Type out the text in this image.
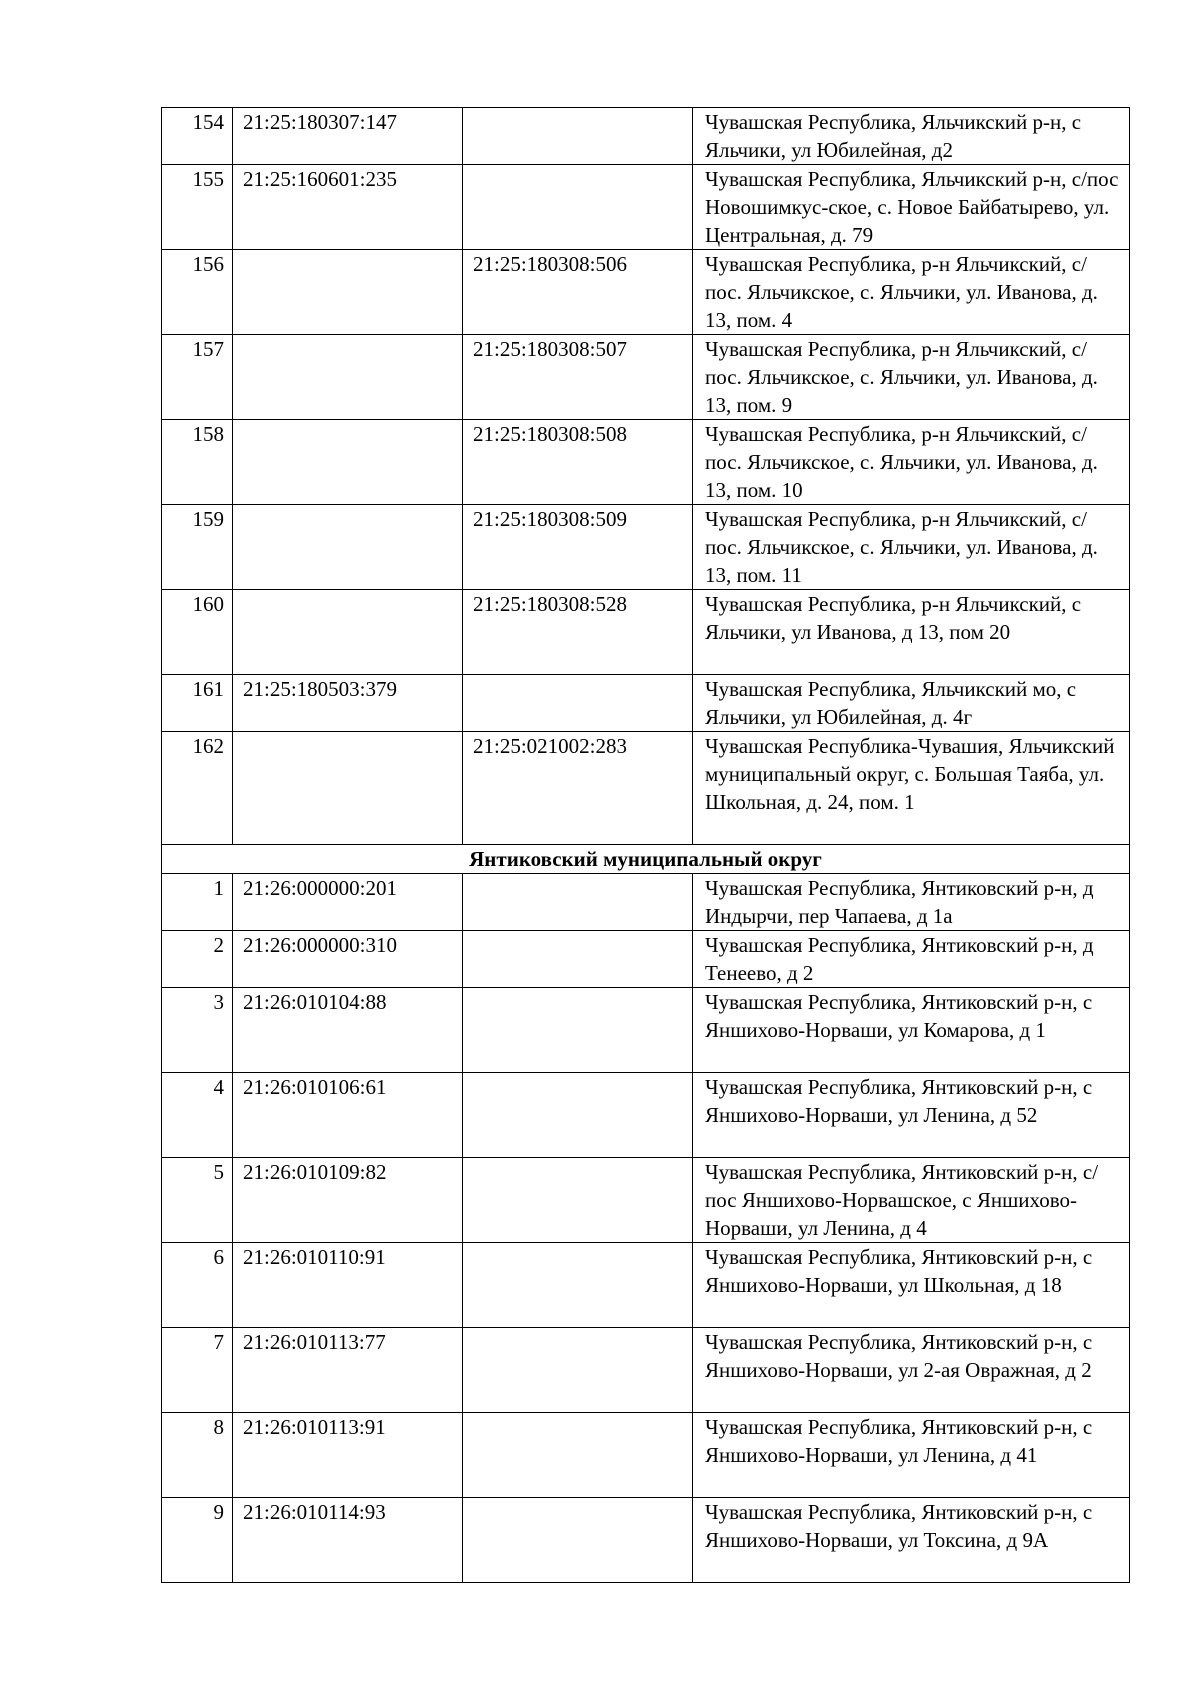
154	21:25:180307:147		Чувашская Республика, Яльчикский р-н, с Яльчики, ул Юбилейная, д2
155	21:25:160601:235		Чувашская Республика, Яльчикский р-н, с/пос Новошимкус-ское, с. Новое Байбатырево, ул. Центральная, д. 79
156		21:25:180308:506	Чувашская Республика, р-н Яльчикский, с/пос. Яльчикское, с. Яльчики, ул. Иванова, д. 13, пом. 4
157		21:25:180308:507	Чувашская Республика, р-н Яльчикский, с/пос. Яльчикское, с. Яльчики, ул. Иванова, д. 13, пом. 9
158		21:25:180308:508	Чувашская Республика, р-н Яльчикский, с/пос. Яльчикское, с. Яльчики, ул. Иванова, д. 13, пом. 10
159		21:25:180308:509	Чувашская Республика, р-н Яльчикский, с/пос. Яльчикское, с. Яльчики, ул. Иванова, д. 13, пом. 11
160		21:25:180308:528	Чувашская Республика, р-н Яльчикский, с Яльчики, ул Иванова, д 13, пом 20
161	21:25:180503:379		Чувашская Республика, Яльчикский мо, с Яльчики, ул Юбилейная, д. 4г
162		21:25:021002:283	Чувашская Республика-Чувашия, Яльчикский муниципальный округ, с. Большая Таяба, ул. Школьная, д. 24, пом. 1
Янтиковский муниципальный округ			
1	21:26:000000:201		Чувашская Республика, Янтиковский р-н, д Индырчи, пер Чапаева, д 1а
2	21:26:000000:310		Чувашская Республика, Янтиковский р-н, д Тенеево, д 2
3	21:26:010104:88		Чувашская Республика, Янтиковский р-н, с Яншихово-Норваши, ул Комарова, д 1
4	21:26:010106:61		Чувашская Республика, Янтиковский р-н, с Яншихово-Норваши, ул Ленина, д 52
5	21:26:010109:82		Чувашская Республика, Янтиковский р-н, с/пос Яншихово-Норвашское, с Яншихово-Норваши, ул Ленина, д 4
6	21:26:010110:91		Чувашская Республика, Янтиковский р-н, с Яншихово-Норваши, ул Школьная, д 18
7	21:26:010113:77		Чувашская Республика, Янтиковский р-н, с Яншихово-Норваши, ул 2-ая Овражная, д 2
8	21:26:010113:91		Чувашская Республика, Янтиковский р-н, с Яншихово-Норваши, ул Ленина, д 41
9	21:26:010114:93		Чувашская Республика, Янтиковский р-н, с Яншихово-Норваши, ул Токсина, д 9А
